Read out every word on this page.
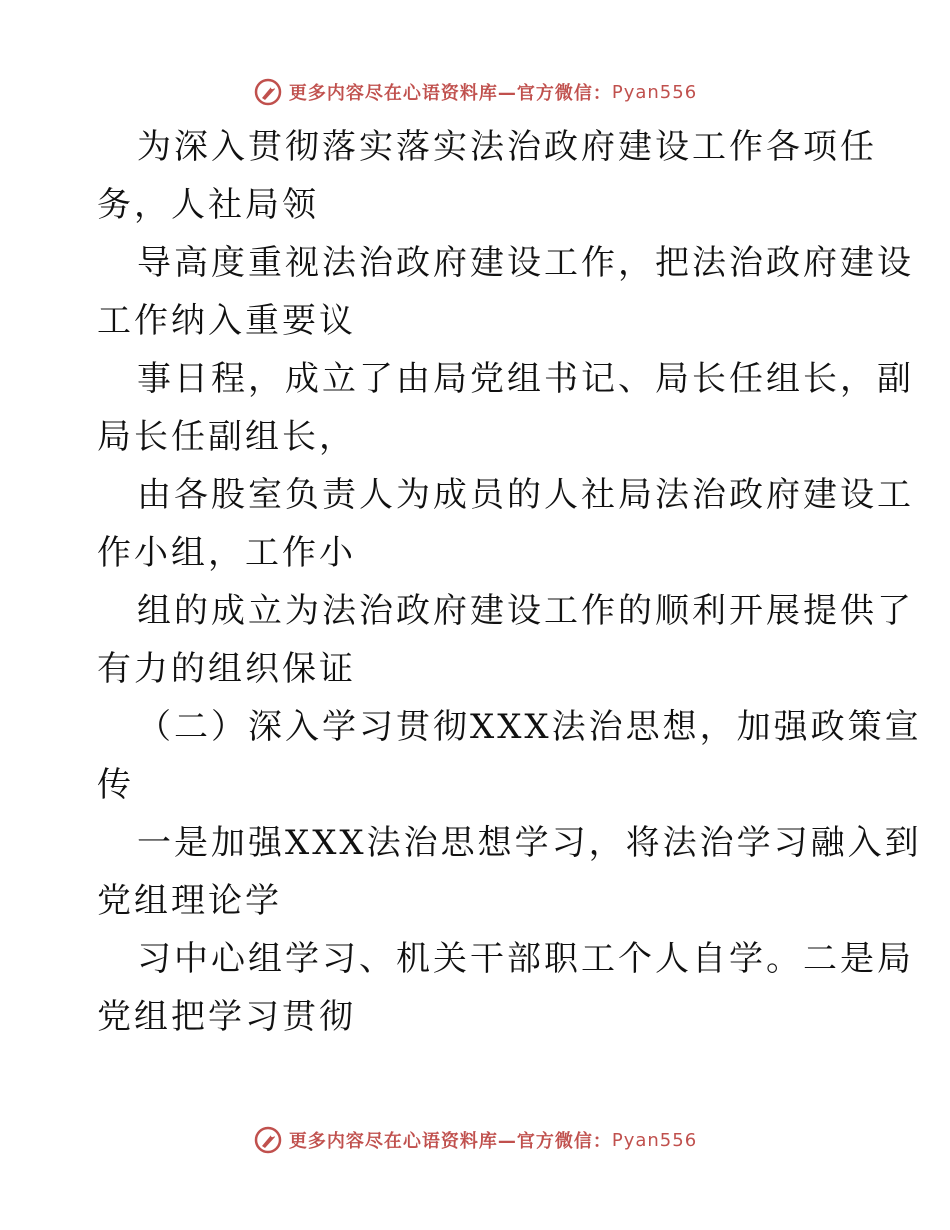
更多内容尽在心语资料库—官方微信： Pyan556
为深入贯彻落实落实法治政府建设工作各项任
务，人社局领
导高度重视法治政府建设工作，把法治政府建设
工作纳入重要议
事日程，成立了由局党组书记、局长任组长，副
局长任副组长，
由各股室负责人为成员的人社局法治政府建设工
作小组，工作小
组的成立为法治政府建设工作的顺利开展提供了
有力的组织保证
（二）深入学习贯彻XXX法治思想，加强政策宣
传
一是加强XXX法治思想学习，将法治学习融入到
党组理论学
习中心组学习、机关干部职工个人自学。二是局
党组把学习贯彻
更多内容尽在心语资料库—官方微信： Pyan556
